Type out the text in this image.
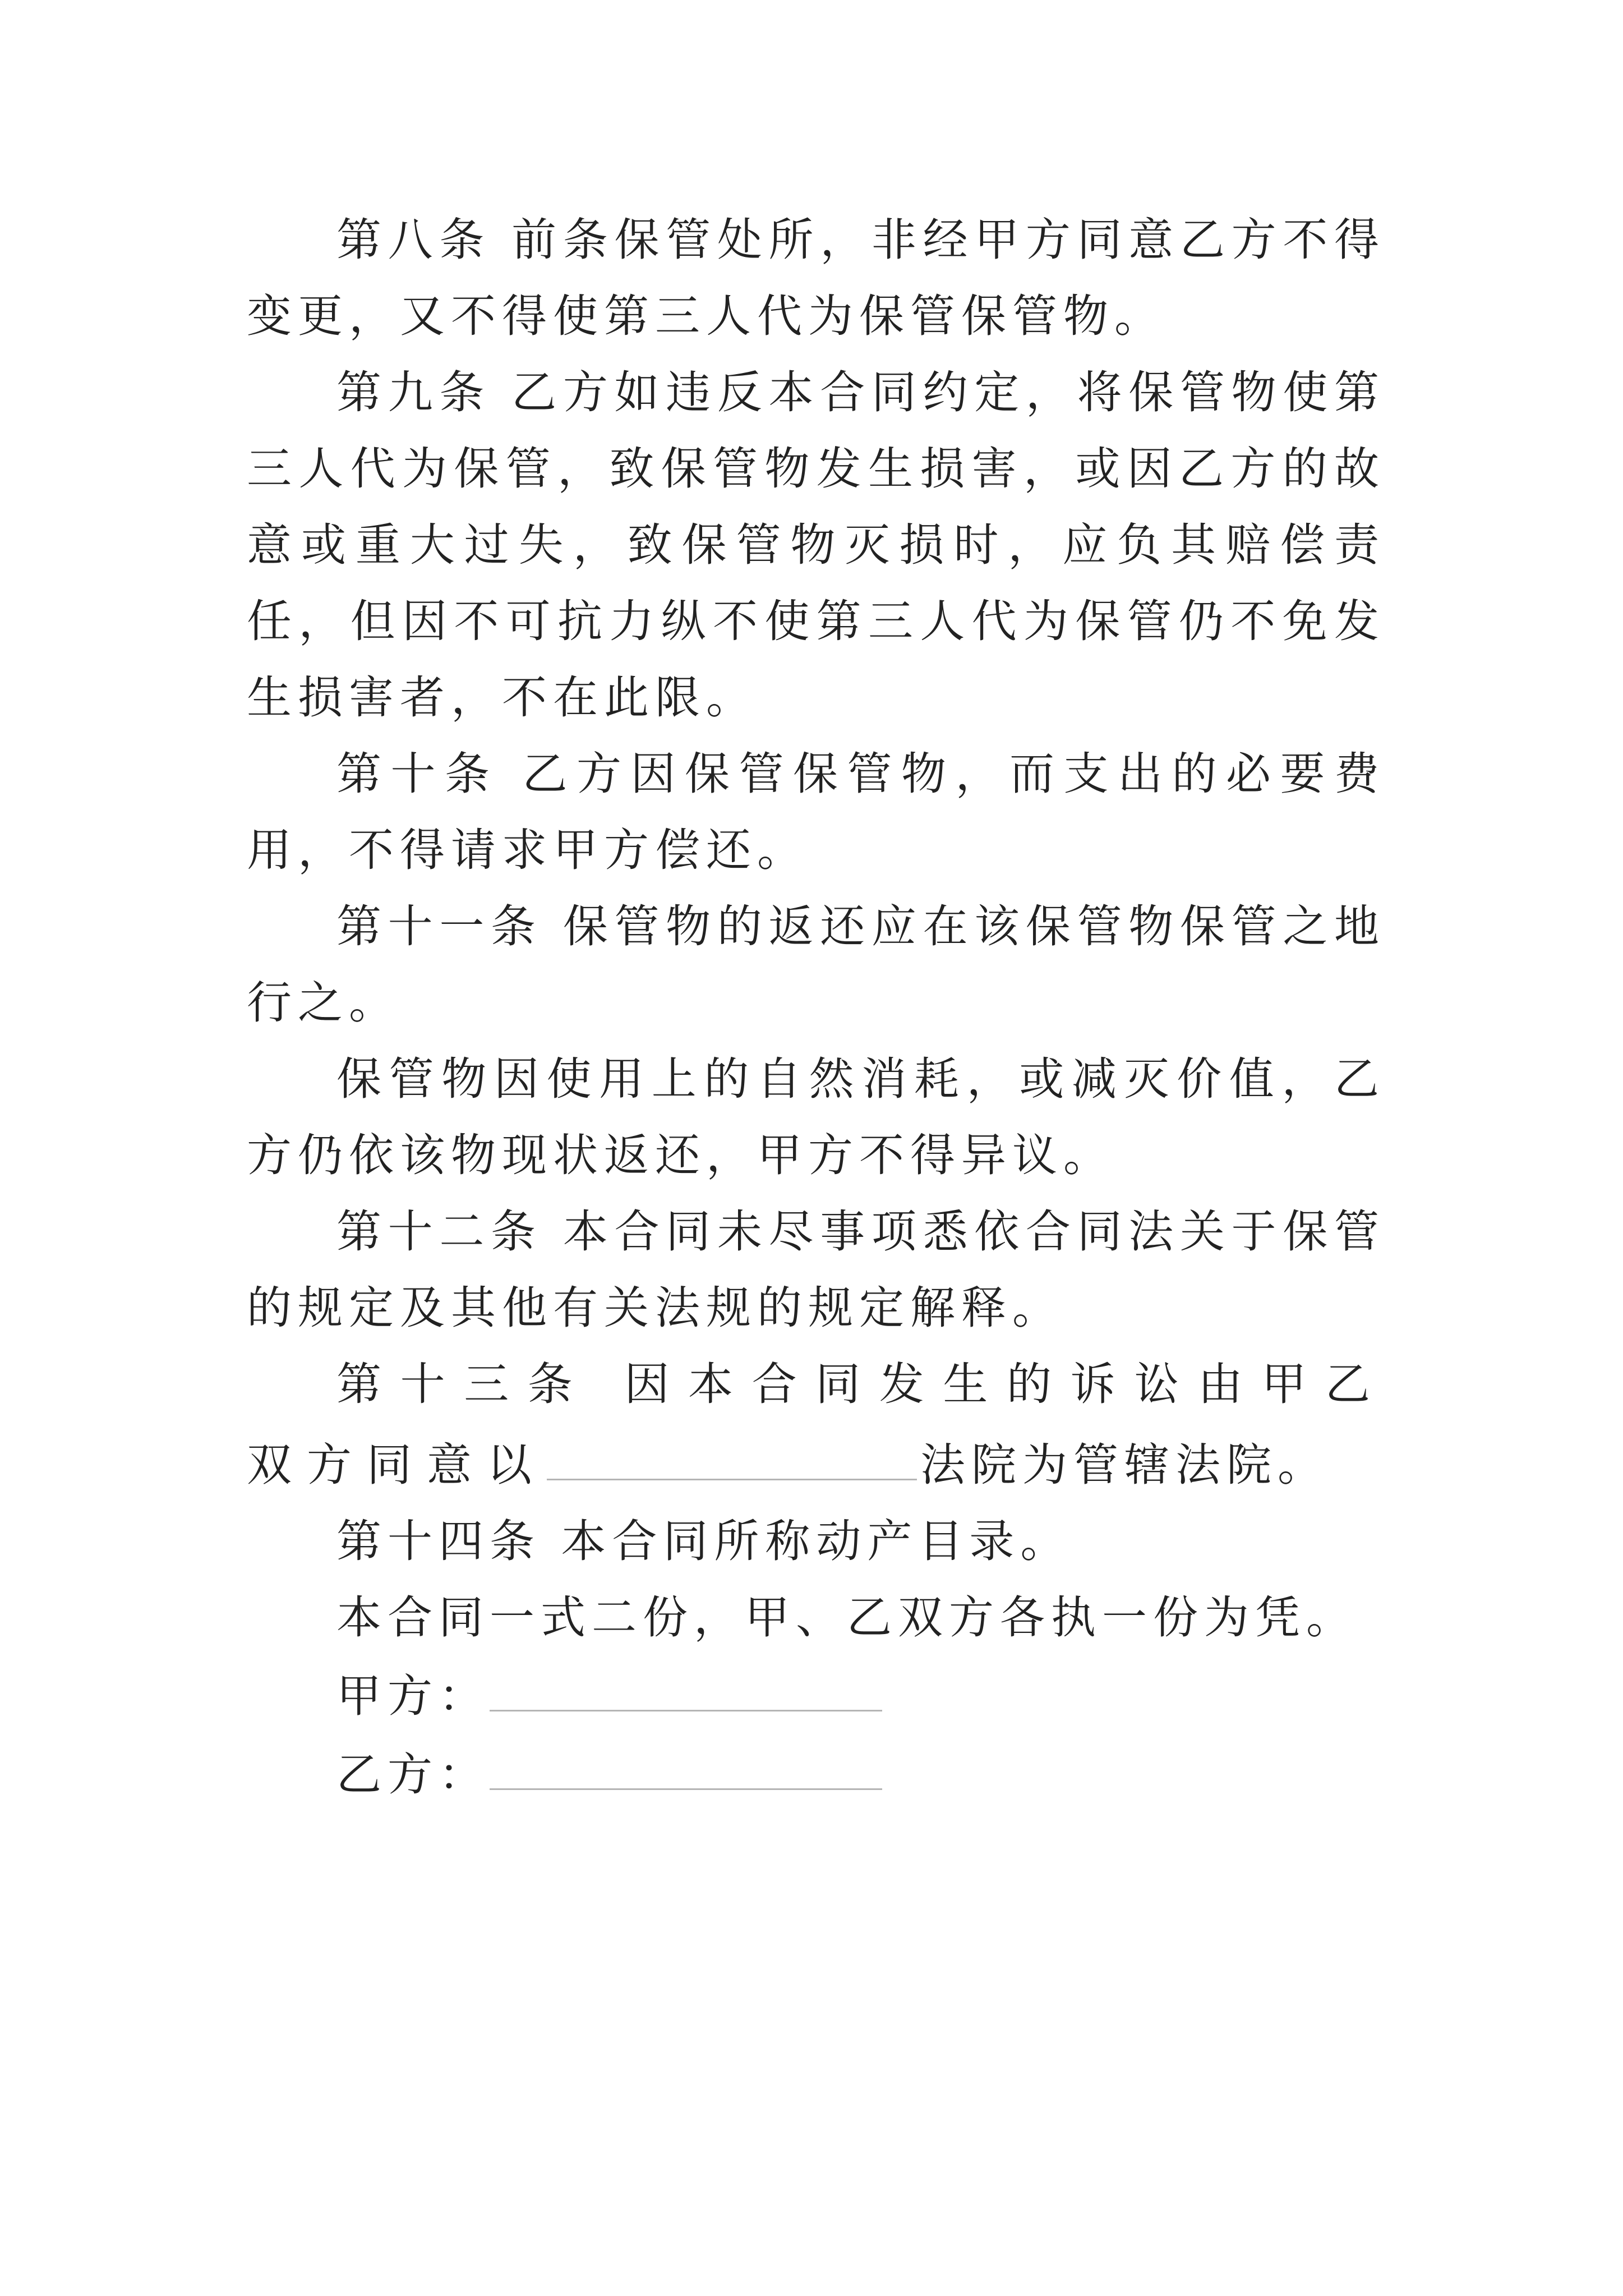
第八条 前条保管处所，非经甲方同意乙方不得变更，又不得使第三人代为保管保管物。

第九条 乙方如违反本合同约定，将保管物使第三人代为保管，致保管物发生损害，或因乙方的故意或重大过失，致保管物灭损时，应负其赔偿责任，但因不可抗力纵不使第三人代为保管仍不免发生损害者，不在此限。

第十条 乙方因保管保管物，而支出的必要费用，不得请求甲方偿还。

第十一条 保管物的返还应在该保管物保管之地行之。

保管物因使用上的自然消耗，或减灭价值，乙方仍依该物现状返还，甲方不得异议。

第十二条 本合同未尽事项悉依合同法关于保管的规定及其他有关法规的规定解释。

第十三条 因本合同发生的诉讼由甲乙双方同意以	法院为管辖法院。

第十四条 本合同所称动产目录。

本合同一式二份，甲、乙双方各执一份为凭。

甲方：
乙方：
